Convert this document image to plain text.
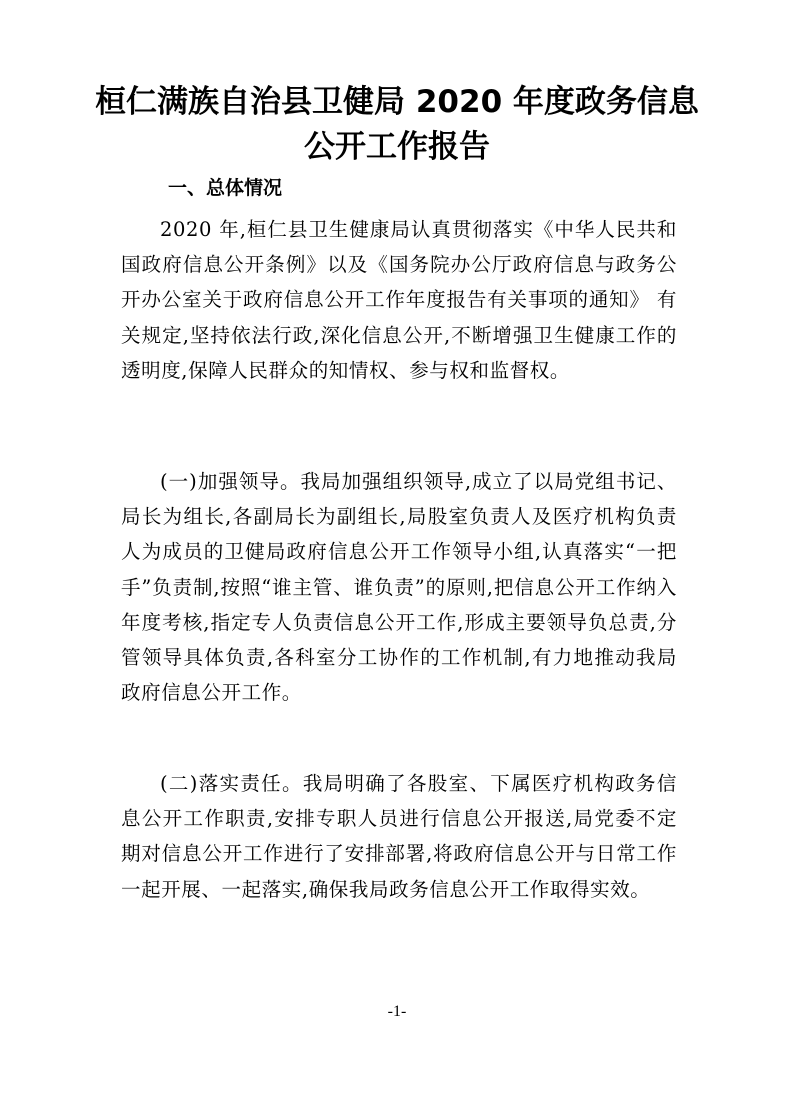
桓仁满族自治县卫健局 2020 年度政务信息
公开工作报告
一、总体情况

2020 年,桓仁县卫生健康局认真贯彻落实《中华人民共和国政府信息公开条例》以及《国务院办公厅政府信息与政务公开办公室关于政府信息公开工作年度报告有关事项的通知》 有关规定,坚持依法行政,深化信息公开,不断增强卫生健康工作的透明度,保障人民群众的知情权、参与权和监督权。

(一)加强领导。我局加强组织领导,成立了以局党组书记、局长为组长,各副局长为副组长,局股室负责人及医疗机构负责人为成员的卫健局政府信息公开工作领导小组,认真落实“一把手”负责制,按照“谁主管、谁负责”的原则,把信息公开工作纳入年度考核,指定专人负责信息公开工作,形成主要领导负总责,分管领导具体负责,各科室分工协作的工作机制,有力地推动我局政府信息公开工作。

(二)落实责任。我局明确了各股室、下属医疗机构政务信息公开工作职责,安排专职人员进行信息公开报送,局党委不定期对信息公开工作进行了安排部署,将政府信息公开与日常工作一起开展、一起落实,确保我局政务信息公开工作取得实效。

-1-
